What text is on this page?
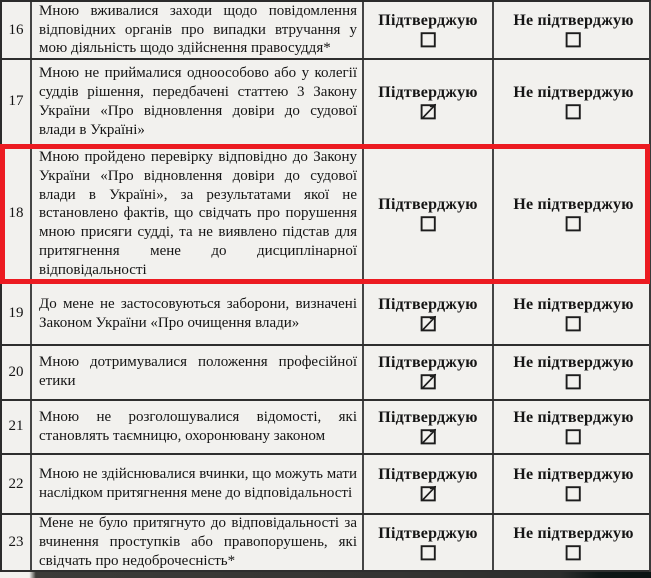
16
Мною вживалися заходи щодо повідомлення відповідних органів про випадки втручання у мою діяльність щодо здійснення правосуддя*
Підтверджую Не підтверджую
17
Мною не приймалися одноособово або у колегії суддів рішення, передбачені статтею 3 Закону України «Про відновлення довіри до судової влади в Україні»
Підтверджую Не підтверджую
18
Мною пройдено перевірку відповідно до Закону України «Про відновлення довіри до судової влади в Україні», за результатами якої не встановлено фактів, що свідчать про порушення мною присяги судді, та не виявлено підстав для притягнення мене до дисциплінарної відповідальності
Підтверджую Не підтверджую
19
До мене не застосовуються заборони, визначені Законом України «Про очищення влади»
Підтверджую Не підтверджую
20
Мною дотримувалися положення професійної етики
Підтверджую Не підтверджую
21
Мною не розголошувалися відомості, які становлять таємницю, охоронювану законом
Підтверджую Не підтверджую
22
Мною не здійснювалися вчинки, що можуть мати наслідком притягнення мене до відповідальності
Підтверджую Не підтверджую
23
Мене не було притягнуто до відповідальності за вчинення проступків або правопорушень, які свідчать про недоброчесність*
Підтверджую Не підтверджую
